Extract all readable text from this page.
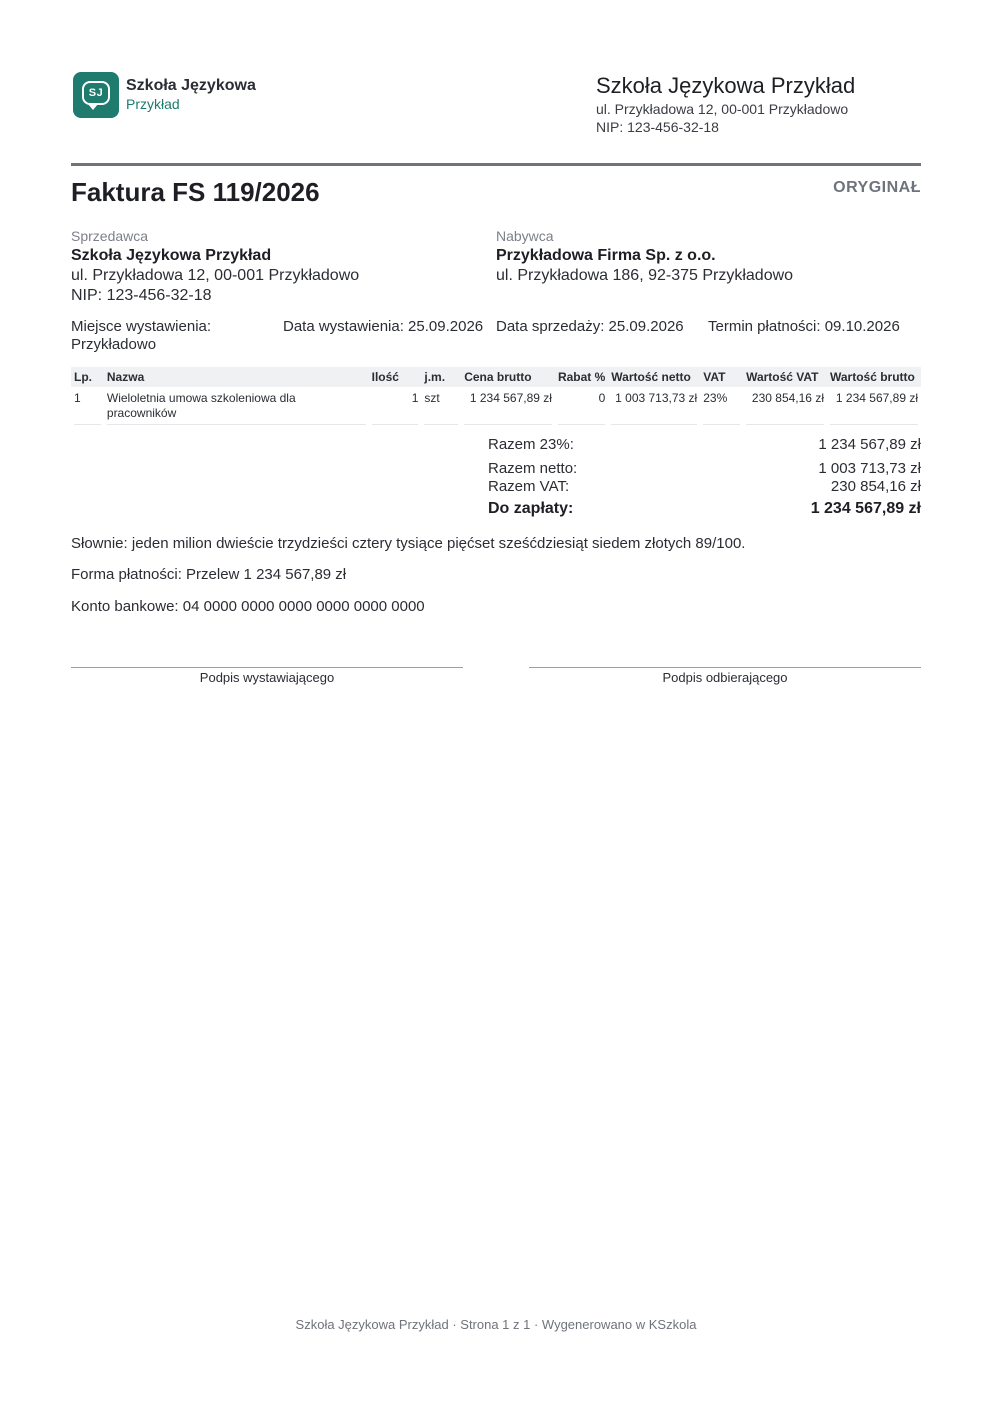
SJ	Szkoła Językowa
Przykład
Szkoła Językowa Przykład
ul. Przykładowa 12, 00-001 Przykładowo
NIP: 123-456-32-18
Faktura FS 119/2026	ORYGINAŁ
Sprzedawca
Szkoła Językowa Przykład
ul. Przykładowa 12, 00-001 Przykładowo
NIP: 123-456-32-18
Nabywca
Przykładowa Firma Sp. z o.o.
ul. Przykładowa 186, 92-375 Przykładowo
Miejsce wystawienia: Przykładowo
Data wystawienia: 25.09.2026 Data sprzedaży: 25.09.2026 Termin płatności: 09.10.2026
Lp.	Nazwa	Ilość	j.m.	Cena brutto	Rabat %	Wartość netto	VAT	Wartość VAT	Wartość brutto

1	Wieloletnia umowa szkoleniowa dla pracowników	1	szt	1 234 567,89 zł	0	1 003 713,73 zł	23%	230 854,16 zł	1 234 567,89 zł
Razem 23%:	1 234 567,89 zł
Razem netto:	1 003 713,73 zł
Razem VAT:	230 854,16 zł
Do zapłaty:	1 234 567,89 zł
Słownie: jeden milion dwieście trzydzieści cztery tysiące pięćset sześćdziesiąt siedem złotych 89/100.
Forma płatności: Przelew 1 234 567,89 zł
Konto bankowe: 04 0000 0000 0000 0000 0000 0000
Podpis wystawiającego	Podpis odbierającego
Szkoła Językowa Przykład · Strona 1 z 1 · Wygenerowano w KSzkola
